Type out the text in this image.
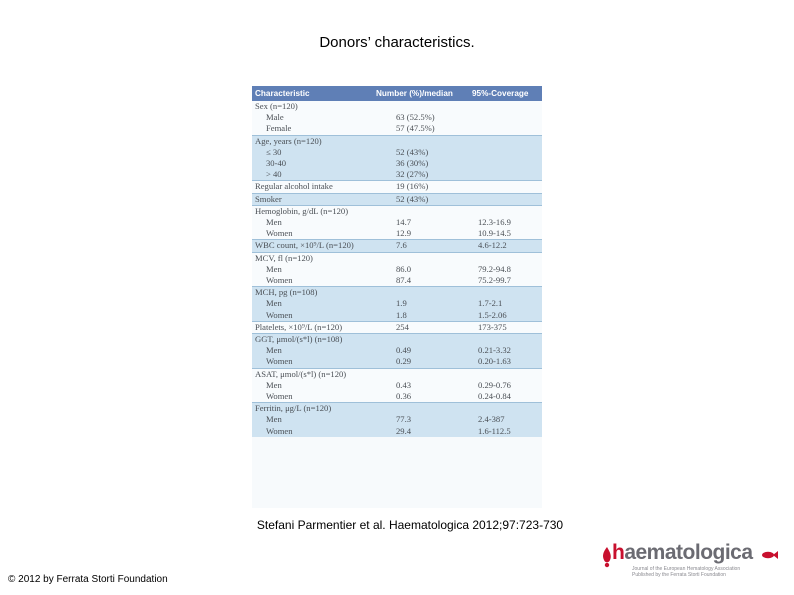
Donors’ characteristics.
Characteristic	Number (%)/median	95%-Coverage
Sex (n=120)		
Male	63 (52.5%)	
Female	57 (47.5%)	
Age, years (n=120)		
≤ 30	52 (43%)	
30-40	36 (30%)	
> 40	32 (27%)	
Regular alcohol intake	19 (16%)	
Smoker	52 (43%)	
Hemoglobin, g/dL (n=120)		
Men	14.7	12.3-16.9
Women	12.9	10.9-14.5
WBC count, ×10⁹/L (n=120)	7.6	4.6-12.2
MCV, fl (n=120)		
Men	86.0	79.2-94.8
Women	87.4	75.2-99.7
MCH, pg (n=108)		
Men	1.9	1.7-2.1
Women	1.8	1.5-2.06
Platelets, ×10⁹/L (n=120)	254	173-375
GGT, μmol/(s*l) (n=108)		
Men	0.49	0.21-3.32
Women	0.29	0.20-1.63
ASAT, μmol/(s*l) (n=120)		
Men	0.43	0.29-0.76
Women	0.36	0.24-0.84
Ferritin, μg/L (n=120)		
Men	77.3	2.4-387
Women	29.4	1.6-112.5
Stefani Parmentier et al. Haematologica 2012;97:723-730
© 2012 by Ferrata Storti Foundation
haematologica
Journal of the European Hematology Association
Published by the Ferrata Storti Foundation
